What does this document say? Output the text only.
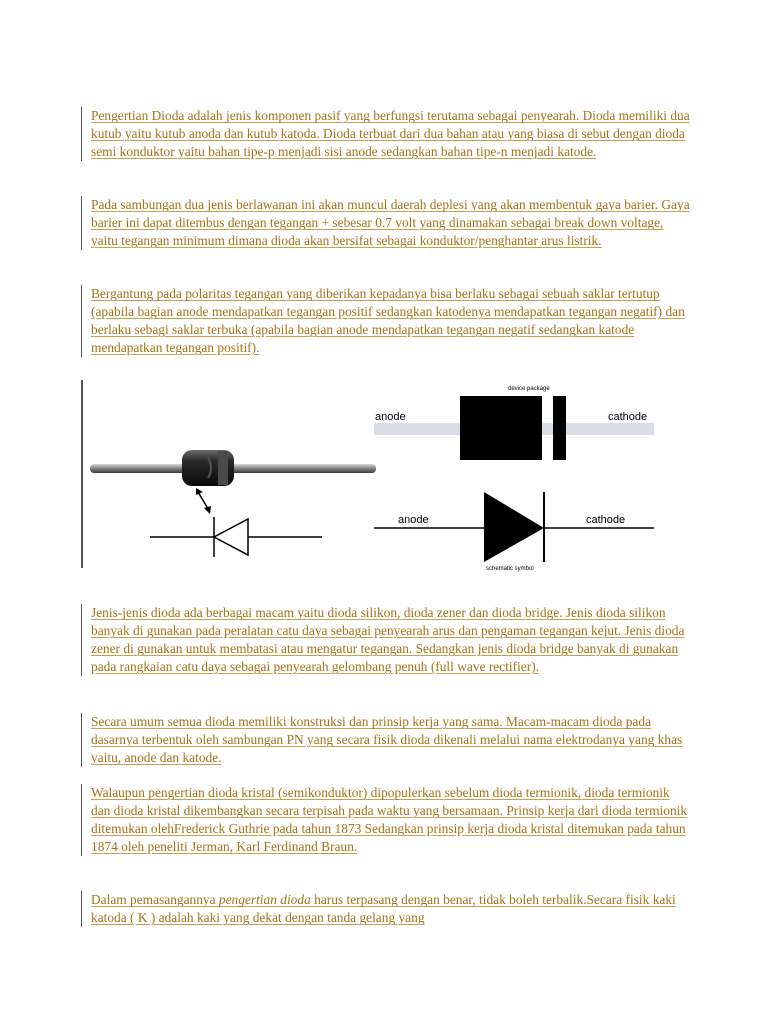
Pengertian Dioda adalah jenis komponen pasif yang berfungsi terutama sebagai penyearah. Dioda memiliki dua kutub yaitu kutub anoda dan kutub katoda. Dioda terbuat dari dua bahan atau yang biasa di sebut dengan dioda semi konduktor yaitu bahan tipe-p menjadi sisi anode sedangkan bahan tipe-n menjadi katode.

Pada sambungan dua jenis berlawanan ini akan muncul daerah deplesi yang akan membentuk gaya barier. Gaya barier ini dapat ditembus dengan tegangan + sebesar 0.7 volt yang dinamakan sebagai break down voltage, yaitu tegangan minimum dimana dioda akan bersifat sebagai konduktor/penghantar arus listrik.

Bergantung pada polaritas tegangan yang diberikan kepadanya bisa berlaku sebagai sebuah saklar tertutup (apabila bagian anode mendapatkan tegangan positif sedangkan katodenya mendapatkan tegangan negatif) dan berlaku sebagi saklar terbuka (apabila bagian anode mendapatkan tegangan negatif sedangkan katode mendapatkan tegangan positif).

device package
anode	cathode
anode	cathode
schematic symbol

Jenis-jenis dioda ada berbagai macam yaitu dioda silikon, dioda zener dan dioda bridge. Jenis dioda silikon banyak di gunakan pada peralatan catu daya sebagai penyearah arus dan pengaman tegangan kejut. Jenis dioda zener di gunakan untuk membatasi atau mengatur tegangan. Sedangkan jenis dioda bridge banyak di gunakan pada rangkaian catu daya sebagai penyearah gelombang penuh (full wave rectifier).

Secara umum semua dioda memiliki konstruksi dan prinsip kerja yang sama. Macam-macam dioda pada dasarnya terbentuk oleh sambungan PN yang secara fisik dioda dikenali melalui nama elektrodanya yang khas yaitu, anode dan katode.

Walaupun pengertian dioda kristal (semikonduktor) dipopulerkan sebelum dioda termionik, dioda termionik dan dioda kristal dikembangkan secara terpisah pada waktu yang bersamaan. Prinsip kerja dari dioda termionik ditemukan olehFrederick Guthrie pada tahun 1873 Sedangkan prinsip kerja dioda kristal ditemukan pada tahun 1874 oleh peneliti Jerman, Karl Ferdinand Braun.

Dalam pemasangannya pengertian dioda harus terpasang dengan benar, tidak boleh terbalik.Secara fisik kaki katoda ( K ) adalah kaki yang dekat dengan tanda gelang yang
